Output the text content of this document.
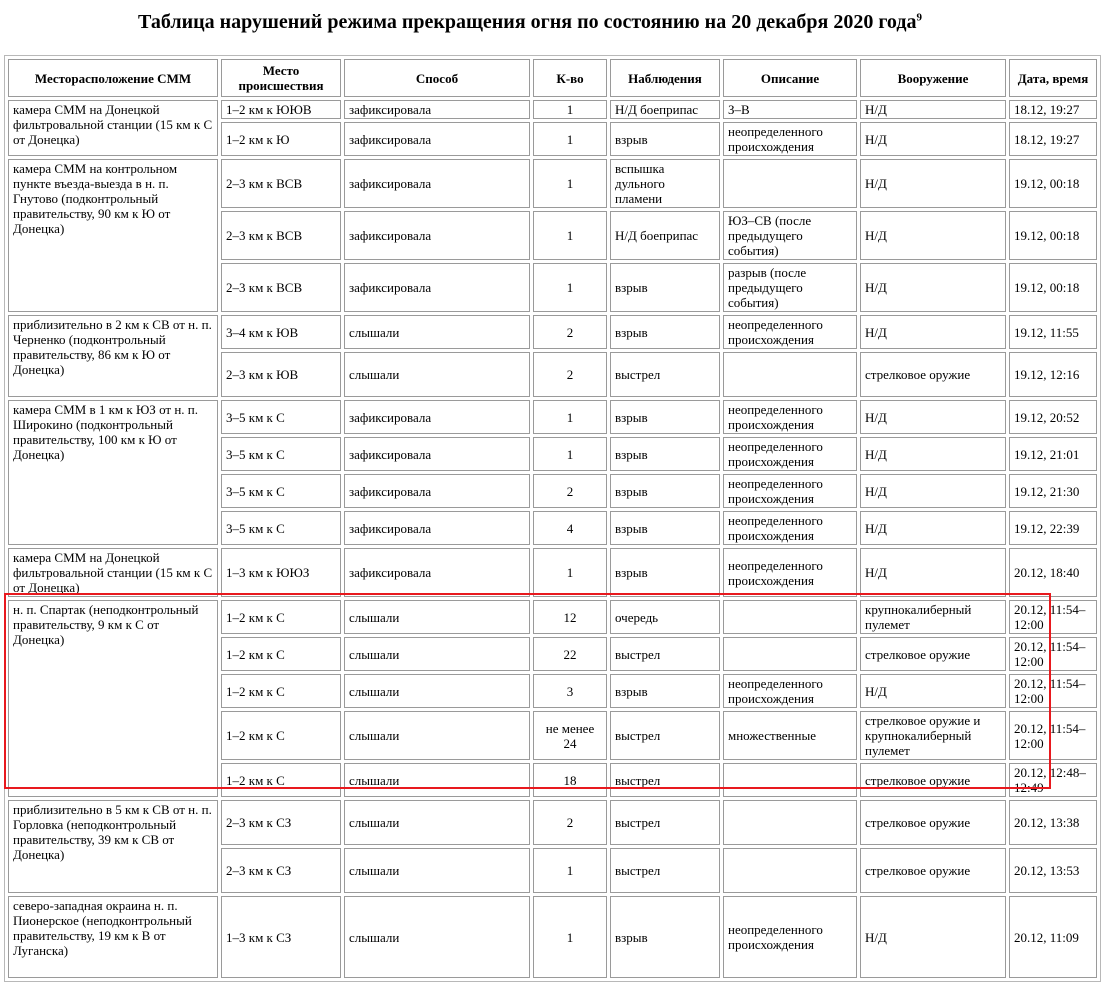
Таблица нарушений режима прекращения огня по состоянию на 20 декабря 2020 года$^9$
Месторасположение СММ	Место происшествия	Способ	К-во	Наблюдения	Описание	Вооружение	Дата, время
камера СММ на Донецкой фильтровальной станции (15 км к С от Донецка)	1–2 км к ЮЮВ	зафиксировала	1	Н/Д боеприпас	З–В	Н/Д	18.12, 19:27
	1–2 км к Ю	зафиксировала	1	взрыв	неопределенного происхождения	Н/Д	18.12, 19:27
камера СММ на контрольном пункте въезда-выезда в н. п. Гнутово (подконтрольный правительству, 90 км к Ю от Донецка)	2–3 км к ВСВ	зафиксировала	1	вспышка дульного пламени		Н/Д	19.12, 00:18
	2–3 км к ВСВ	зафиксировала	1	Н/Д боеприпас	ЮЗ–СВ (после предыдущего события)	Н/Д	19.12, 00:18
	2–3 км к ВСВ	зафиксировала	1	взрыв	разрыв (после предыдущего события)	Н/Д	19.12, 00:18
приблизительно в 2 км к СВ от н. п. Черненко (подконтрольный правительству, 86 км к Ю от Донецка)	3–4 км к ЮВ	слышали	2	взрыв	неопределенного происхождения	Н/Д	19.12, 11:55
	2–3 км к ЮВ	слышали	2	выстрел		стрелковое оружие	19.12, 12:16
камера СММ в 1 км к ЮЗ от н. п. Широкино (подконтрольный правительству, 100 км к Ю от Донецка)	3–5 км к С	зафиксировала	1	взрыв	неопределенного происхождения	Н/Д	19.12, 20:52
	3–5 км к С	зафиксировала	1	взрыв	неопределенного происхождения	Н/Д	19.12, 21:01
	3–5 км к С	зафиксировала	2	взрыв	неопределенного происхождения	Н/Д	19.12, 21:30
	3–5 км к С	зафиксировала	4	взрыв	неопределенного происхождения	Н/Д	19.12, 22:39
камера СММ на Донецкой фильтровальной станции (15 км к С от Донецка)	1–3 км к ЮЮЗ	зафиксировала	1	взрыв	неопределенного происхождения	Н/Д	20.12, 18:40
н. п. Спартак (неподконтрольный правительству, 9 км к С от Донецка)	1–2 км к С	слышали	12	очередь		крупнокалиберный пулемет	20.12, 11:54–12:00
	1–2 км к С	слышали	22	выстрел		стрелковое оружие	20.12, 11:54–12:00
	1–2 км к С	слышали	3	взрыв	неопределенного происхождения	Н/Д	20.12, 11:54–12:00
	1–2 км к С	слышали	не менее 24	выстрел	множественные	стрелковое оружие и крупнокалиберный пулемет	20.12, 11:54–12:00
	1–2 км к С	слышали	18	выстрел		стрелковое оружие	20.12, 12:48–12:49
приблизительно в 5 км к СВ от н. п. Горловка (неподконтрольный правительству, 39 км к СВ от Донецка)	2–3 км к СЗ	слышали	2	выстрел		стрелковое оружие	20.12, 13:38
	2–3 км к СЗ	слышали	1	выстрел		стрелковое оружие	20.12, 13:53
северо-западная окраина н. п. Пионерское (неподконтрольный правительству, 19 км к В от Луганска)	1–3 км к СЗ	слышали	1	взрыв	неопределенного происхождения	Н/Д	20.12, 11:09
